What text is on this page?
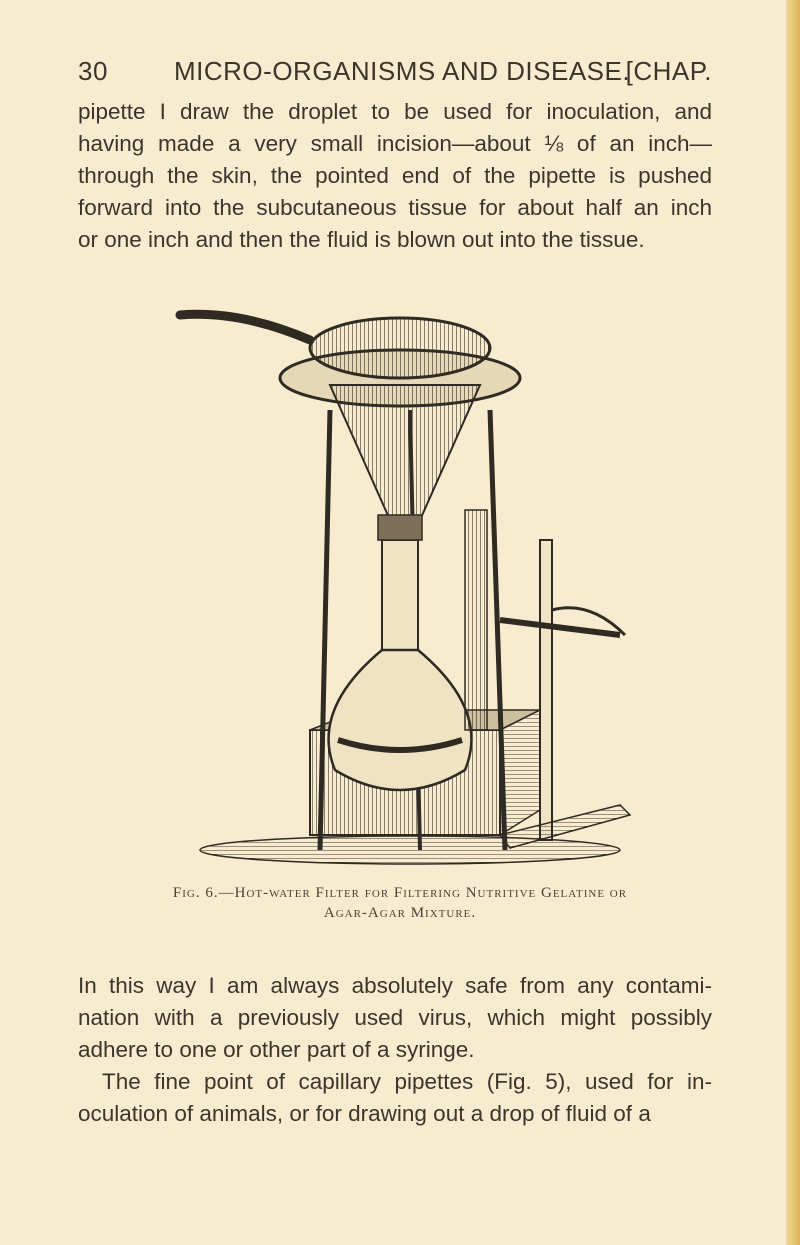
30	MICRO-ORGANISMS AND DISEASE.
[CHAP.
pipette I draw the droplet to be used for inoculation, and
having made a very small incision—about ⅛ of an inch—
through the skin, the pointed end of the pipette is pushed
forward into the subcutaneous tissue for about half an inch
or one inch and then the fluid is blown out into the tissue.
Fig. 6.—Hot-water Filter for Filtering Nutritive Gelatine or
Agar-Agar Mixture.
In this way I am always absolutely safe from any contami-
nation with a previously used virus, which might possibly
adhere to one or other part of a syringe.
The fine point of capillary pipettes (Fig. 5), used for in-
oculation of animals, or for drawing out a drop of fluid of a
